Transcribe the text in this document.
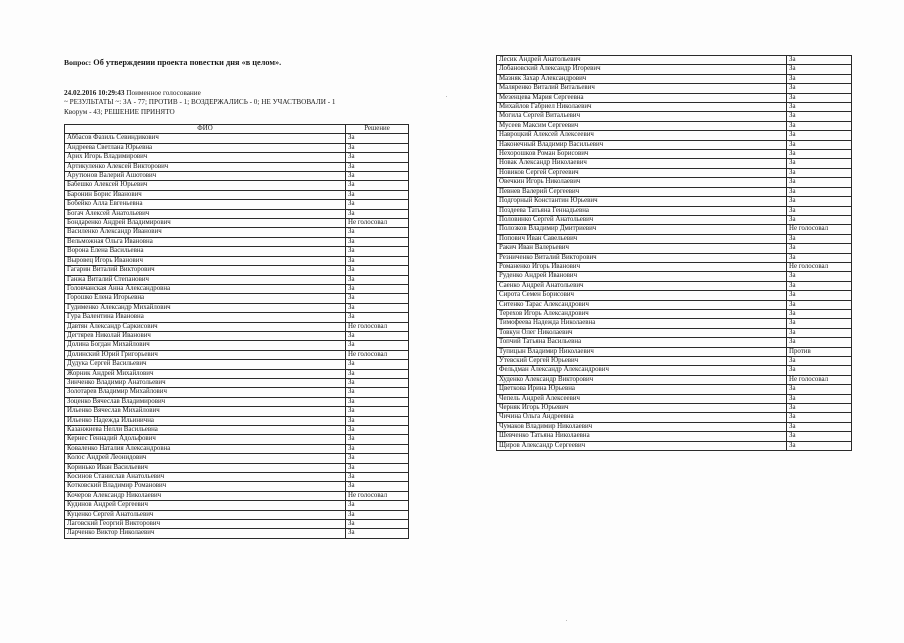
Вопрос: Об утверждении проекта повестки дня «в целом».
24.02.2016 10:29:43 Поименное голосование
~ РЕЗУЛЬТАТЫ ~: ЗА - 77; ПРОТИВ - 1; ВОЗДЕРЖАЛИСЬ - 0; НЕ УЧАСТВОВАЛИ - 1
Кворум - 43; РЕШЕНИЕ ПРИНЯТО
ФИО	Решение
Аббасов Фазиль Севиндикович	За
Андреева Светлана Юрьевна	За
Арих Игорь Владимирович	За
Артикуленко Алексей Викторович	За
Арутюнов Валерий Ашотович	За
Бабешко Алексей Юрьевич	За
Баронин Борис Иванович	За
Бобейко Алла Евгеньевна	За
Богач Алексей Анатольевич	За
Бондаренко Андрей Владимирович	Не голосовал
Василенко Александр Иванович	За
Вельможная Ольга Ивановна	За
Ворона Елена Васильевна	За
Выровец Игорь Иванович	За
Гагарин Виталий Викторович	За
Ганжа Виталий Степанович	За
Головчанская Анна Александровна	За
Горошко Елена Игорьевна	За
Гудименко Александр Михайлович	За
Гура Валентина Ивановна	За
Давтян Александр Саркисович	Не голосовал
Дегтярев Николай Иванович	За
Долина Богдан Михайлович	За
Долинский Юрий Григорьевич	Не голосовал
Дудука Сергей Васильевич	За
Жорник Андрей Михайлович	За
Зинченко Владимир Анатольевич	За
Золотарев Владимир Михайлович	За
Зоценко Вячеслав Владимирович	За
Ильенко Вячеслав Михайлович	За
Ильенко Надежда Ильинична	За
Казанжиева Нелли Васильевна	За
Кернес Геннадий Адольфович	За
Коваленко Наталия Александровна	За
Колос Андрей Леонидович	За
Коринько Иван Васильевич	За
Косинов Станислав Анатольевич	За
Котковский Владимир Романович	За
Кочеров Александр Николаевич	Не голосовал
Кудинов Андрей Сергеевич	За
Куценко Сергей Анатольевич	За
Лаговский Георгий Викторович	За
Ларченко Виктор Николаевич	За
Лесик Андрей Анатольевич	За
Лобановский Александр Игоревич	За
Мазняк Захар Александрович	За
Маляренко Виталий Витальевич	За
Мезенцева Мария Сергеевна	За
Михайлов Габриел Николаевич	За
Могила Сергей Витальевич	За
Мусеев Максим Сергеевич	За
Навроцкий Алексей Алексеевич	За
Наконечный Владимир Васильевич	За
Нехорошков Роман Борисович	За
Новак Александр Николаевич	За
Новиков Сергей Сергеевич	За
Овечкин Игорь Николаевич	За
Певнев Валерий Сергеевич	За
Подгорный Константин Юрьевич	За
Поздеева Татьяна Геннадьевна	За
Половинко Сергей Анатольевич	За
Полозков Владимир Дмитриевич	Не голосовал
Попович Иван Савельевич	За
Ракич Иван Валерьевич	За
Резниченко Виталий Викторович	За
Романенко Игорь Иванович	Не голосовал
Руденко Андрей Иванович	За
Саенко Андрей Анатольевич	За
Сирота Семен Борисович	За
Ситенко Тарас Александрович	За
Терехов Игорь Александрович	За
Тимофеева Надежда Николаевна	За
Товкун Олег Николаевич	За
Топчий Татьяна Васильевна	За
Тупицын Владимир Николаевич	Против
Утевский Сергей Юрьевич	За
Фельдман Александр Александрович	За
Худенко Александр Викторович	Не голосовал
Цветкова Ирина Юрьевна	За
Чепель Андрей Алексеевич	За
Черняк Игорь Юрьевич	За
Чичина Ольга Андреевна	За
Чумаков Владимир Николаевич	За
Шевченко Татьяна Николаевна	За
Щиров Александр Сергеевич	За
